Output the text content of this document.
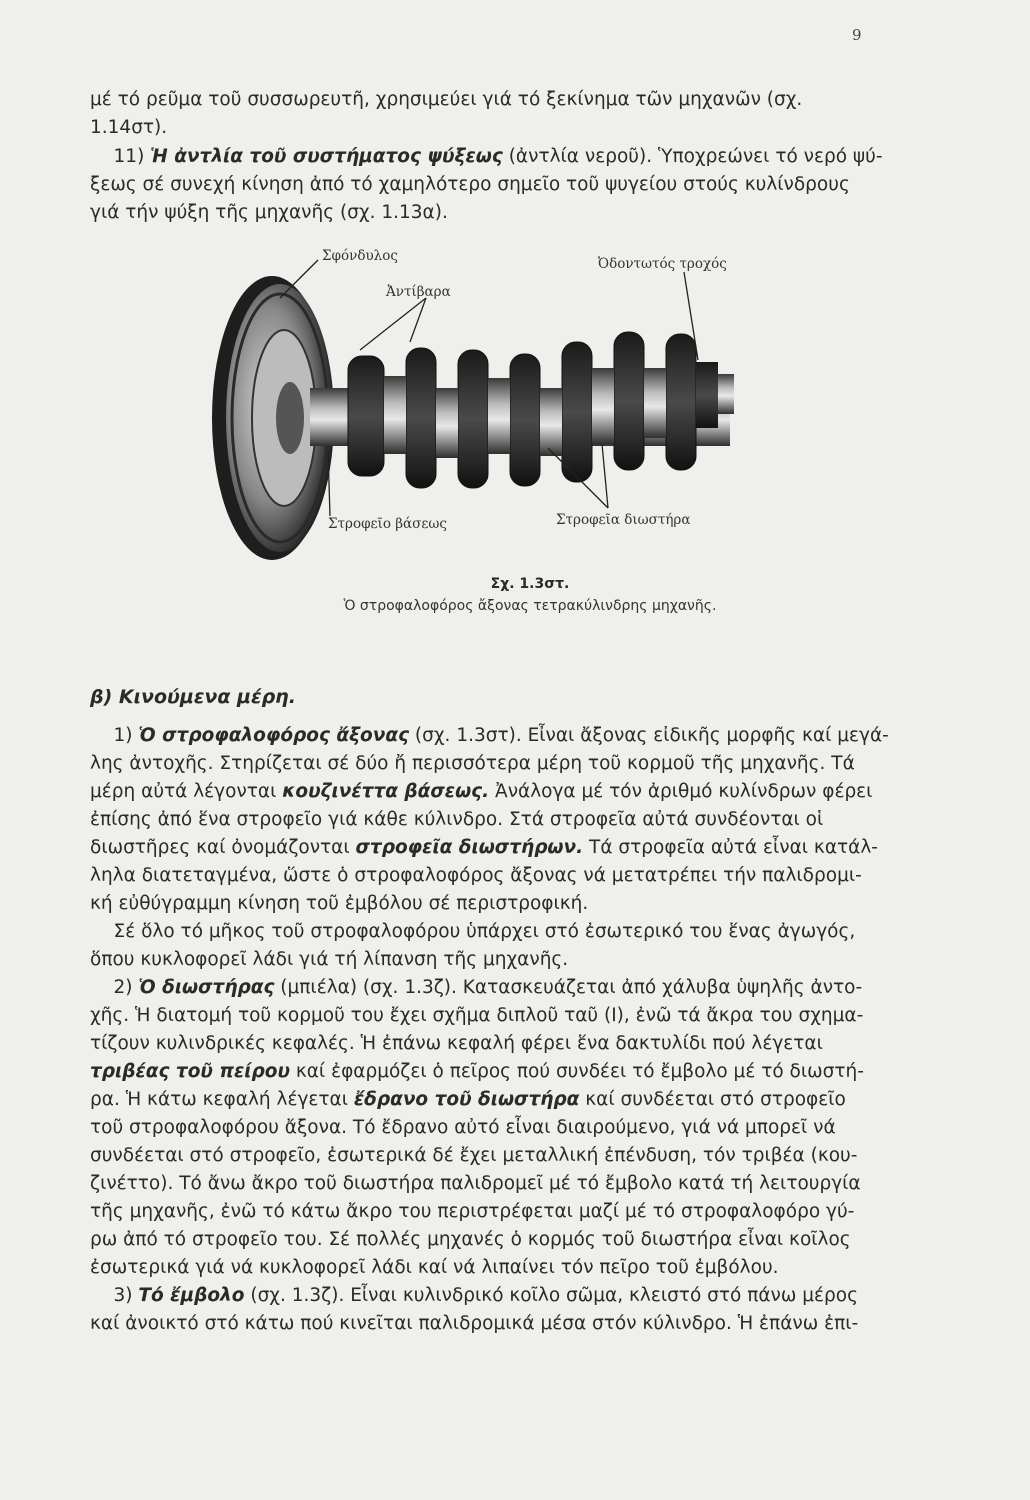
9
μέ τό ρεῦμα τοῦ συσσωρευτῆ, χρησιμεύει γιά τό ξεκίνημα τῶν μηχανῶν (σχ.
1.14στ).
11) Ἡ ἀντλία τοῦ συστήματος ψύξεως (ἀντλία νεροῦ). Ὑποχρεώνει τό νερό ψύ-
ξεως σέ συνεχή κίνηση ἀπό τό χαμηλότερο σημεῖο τοῦ ψυγείου στούς κυλίνδρους
γιά τήν ψύξη τῆς μηχανῆς (σχ. 1.13α).
Σφόνδυλος
Ἀντίβαρα
Ὀδοντωτός τροχός
Στροφεῖο βάσεως	Στροφεῖα διωστήρα
Σχ. 1.3στ.
Ὁ στροφαλοφόρος ἄξονας τετρακύλινδρης μηχανῆς.
β) Κινούμενα μέρη.
1) Ὁ στροφαλοφόρος ἄξονας (σχ. 1.3στ). Εἶναι ἄξονας εἰδικῆς μορφῆς καί μεγά-
λης ἀντοχῆς. Στηρίζεται σέ δύο ἤ περισσότερα μέρη τοῦ κορμοῦ τῆς μηχανῆς. Τά
μέρη αὐτά λέγονται κουζινέττα βάσεως. Ἀνάλογα μέ τόν ἀριθμό κυλίνδρων φέρει
ἐπίσης ἀπό ἕνα στροφεῖο γιά κάθε κύλινδρο. Στά στροφεῖα αὐτά συνδέονται οἱ
διωστῆρες καί ὀνομάζονται στροφεῖα διωστήρων. Τά στροφεῖα αὐτά εἶναι κατάλ-
ληλα διατεταγμένα, ὥστε ὁ στροφαλοφόρος ἄξονας νά μετατρέπει τήν παλιδρομι-
κή εὐθύγραμμη κίνηση τοῦ ἐμβόλου σέ περιστροφική.
Σέ ὅλο τό μῆκος τοῦ στροφαλοφόρου ὑπάρχει στό ἐσωτερικό του ἕνας ἀγωγός,
ὅπου κυκλοφορεῖ λάδι γιά τή λίπανση τῆς μηχανῆς.
2) Ὁ διωστήρας (μπιέλα) (σχ. 1.3ζ). Κατασκευάζεται ἀπό χάλυβα ὑψηλῆς ἀντο-
χῆς. Ἡ διατομή τοῦ κορμοῦ του ἔχει σχῆμα διπλοῦ ταῦ (Ι), ἐνῶ τά ἄκρα του σχημα-
τίζουν κυλινδρικές κεφαλές. Ἡ ἐπάνω κεφαλή φέρει ἕνα δακτυλίδι πού λέγεται
τριβέας τοῦ πείρου καί ἐφαρμόζει ὁ πεῖρος πού συνδέει τό ἔμβολο μέ τό διωστή-
ρα. Ἡ κάτω κεφαλή λέγεται ἔδρανο τοῦ διωστήρα καί συνδέεται στό στροφεῖο
τοῦ στροφαλοφόρου ἄξονα. Τό ἔδρανο αὐτό εἶναι διαιρούμενο, γιά νά μπορεῖ νά
συνδέεται στό στροφεῖο, ἐσωτερικά δέ ἔχει μεταλλική ἐπένδυση, τόν τριβέα (κου-
ζινέττο). Τό ἄνω ἄκρο τοῦ διωστήρα παλιδρομεῖ μέ τό ἔμβολο κατά τή λειτουργία
τῆς μηχανῆς, ἐνῶ τό κάτω ἄκρο του περιστρέφεται μαζί μέ τό στροφαλοφόρο γύ-
ρω ἀπό τό στροφεῖο του. Σέ πολλές μηχανές ὁ κορμός τοῦ διωστήρα εἶναι κοῖλος
ἐσωτερικά γιά νά κυκλοφορεῖ λάδι καί νά λιπαίνει τόν πεῖρο τοῦ ἐμβόλου.
3) Τό ἔμβολο (σχ. 1.3ζ). Εἶναι κυλινδρικό κοῖλο σῶμα, κλειστό στό πάνω μέρος
καί ἀνοικτό στό κάτω πού κινεῖται παλιδρομικά μέσα στόν κύλινδρο. Ἡ ἐπάνω ἐπι-
